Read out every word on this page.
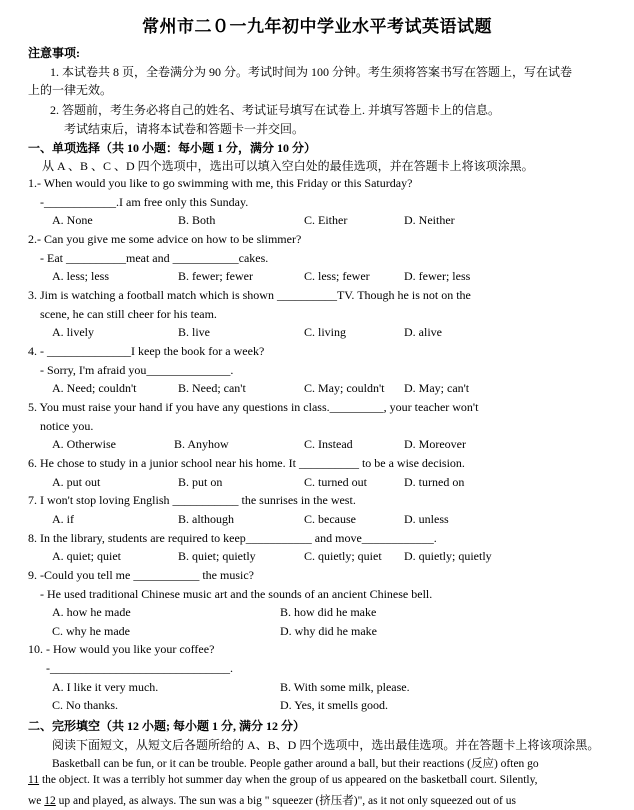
常州市二０一九年初中学业水平考试英语试题
注意事项:
1. 本试卷共 8 页，全卷满分为 90 分。考试时间为 100 分钟。考生须将答案书写在答题上，写在试卷
上的一律无效。
2. 答题前，考生务必将自己的姓名、考试证号填写在试卷上. 并填写答题卡上的信息。
考试结束后，请将本试卷和答题卡一并交回。
一、单项选择（共 10 小题：每小题 1 分，满分 10 分）
从 A 、B 、C 、D 四个选项中，选出可以填入空白处的最佳选项，并在答题卡上将该项涂黑。
1.- When would you like to go swimming with me, this Friday or this Saturday?
-____________.I am free only this Sunday.
A. None	B. Both	C. Either	D. Neither
2.- Can you give me some advice on how to be slimmer?
- Eat __________meat and ___________cakes.
A. less; less	B. fewer; fewer	C. less; fewer	D. fewer; less
3. Jim is watching a football match which is shown __________TV. Though he is not on the
scene, he can still cheer for his team.
A. lively	B. live	C. living	D. alive
4. - ______________I keep the book for a week?
- Sorry, I'm afraid you______________.
A. Need; couldn't	B. Need; can't	C. May; couldn't D. May; can't
5. You must raise your hand if you have any questions in class._________, your teacher won't
notice you.
A. Otherwise	B. Anyhow	C. Instead	D. Moreover
6. He chose to study in a junior school near his home. It __________ to be a wise decision.
A. put out	B. put on	C. turned out	D. turned on
7. I won't stop loving English ___________ the sunrises in the west.
A. if	B. although	C. because	D. unless
8. In the library, students are required to keep___________ and move____________.
A. quiet; quiet	B. quiet; quietly	C. quietly; quiet D. quietly; quietly
9. -Could you tell me ___________ the music?
- He used traditional Chinese music art and the sounds of an ancient Chinese bell.
A. how he made	B. how did he make
C. why he made	D. why did he make
10. - How would you like your coffee?
-______________________________.
A. I like it very much.	B. With some milk, please.
C. No thanks.	D. Yes, it smells good.
二、完形填空（共 12 小题; 每小题 1 分, 满分 12 分）
阅读下面短文，从短文后各题所给的 A、B、D 四个选项中，选出最佳选项。并在答题卡上将该项涂黑。
Basketball can be fun, or it can be trouble. People gather around a ball, but their reactions (反应) often go
11 the object. It was a terribly hot summer day when the group of us appeared on the basketball court. Silently,
we 12 up and played, as always. The sun was a big " squeezer (挤压者)", as it not only squeezed out of us
